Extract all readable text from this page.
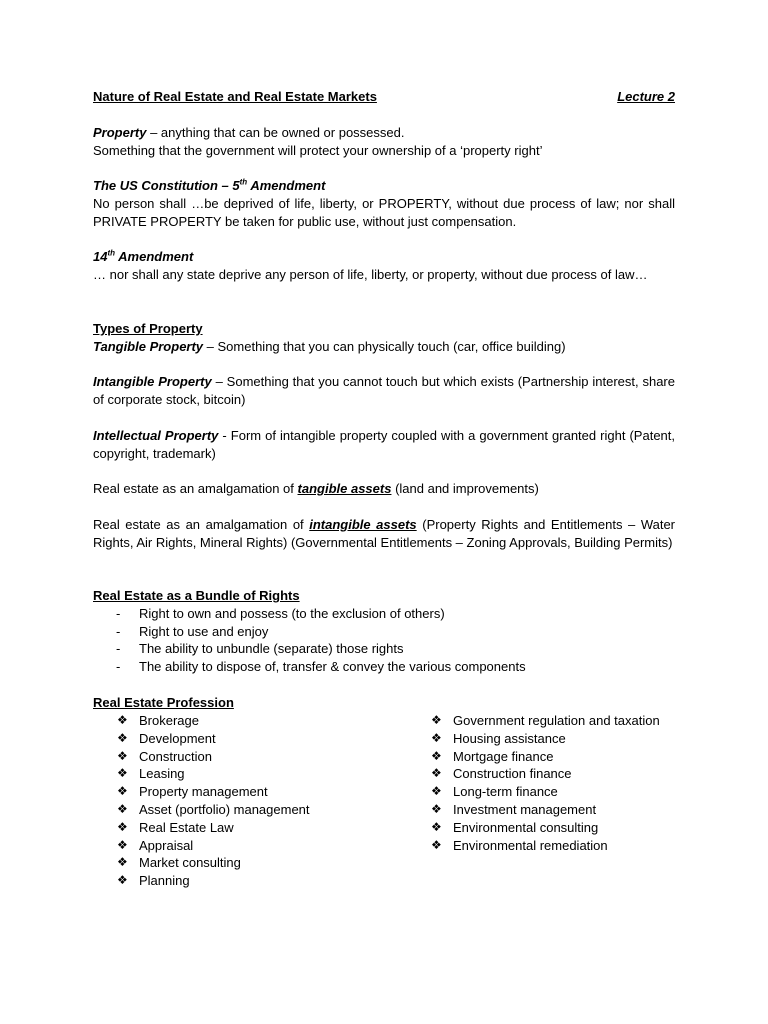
Nature of Real Estate and Real Estate Markets	Lecture 2
Property – anything that can be owned or possessed.
Something that the government will protect your ownership of a ‘property right’
The US Constitution – 5th Amendment
No person shall …be deprived of life, liberty, or PROPERTY, without due process of law; nor shall PRIVATE PROPERTY be taken for public use, without just compensation.
14th Amendment
… nor shall any state deprive any person of life, liberty, or property, without due process of law…
Types of Property
Tangible Property – Something that you can physically touch (car, office building)
Intangible Property – Something that you cannot touch but which exists (Partnership interest, share of corporate stock, bitcoin)
Intellectual Property - Form of intangible property coupled with a government granted right (Patent, copyright, trademark)
Real estate as an amalgamation of tangible assets (land and improvements)
Real estate as an amalgamation of intangible assets (Property Rights and Entitlements – Water Rights, Air Rights, Mineral Rights) (Governmental Entitlements – Zoning Approvals, Building Permits)
Real Estate as a Bundle of Rights
- Right to own and possess (to the exclusion of others)
- Right to use and enjoy
- The ability to unbundle (separate) those rights
- The ability to dispose of, transfer & convey the various components
Real Estate Profession
❖ Brokerage
❖ Development
❖ Construction
❖ Leasing
❖ Property management
❖ Asset (portfolio) management
❖ Real Estate Law
❖ Appraisal
❖ Market consulting
❖ Planning
❖ Government regulation and taxation
❖ Housing assistance
❖ Mortgage finance
❖ Construction finance
❖ Long-term finance
❖ Investment management
❖ Environmental consulting
❖ Environmental remediation
